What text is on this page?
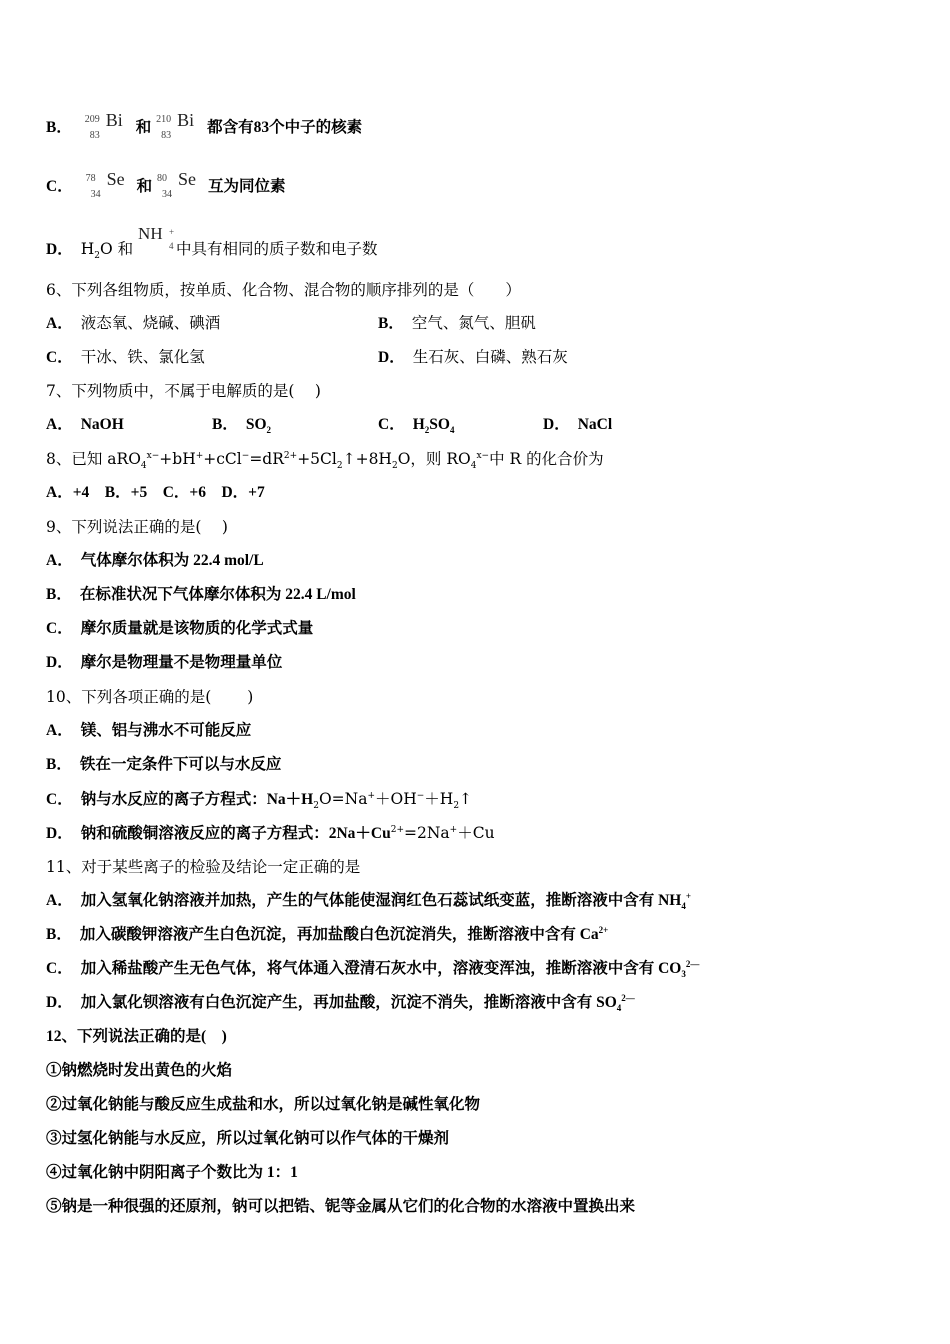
B． 209
83
Bi 和 210
83
Bi 都含有83个中子的核素
C． 78
34
Se 和 80
34
Se 互为同位素
D． $H_2O$ 和
NH +
4 中具有相同的质子数和电子数
6、下列各组物质，按单质、化合物、混合物的顺序排列的是（　　）
A． 液态氧、烧碱、碘酒	B． 空气、氮气、胆矾
C． 干冰、铁、氯化氢	D． 生石灰、白磷、熟石灰
7、下列物质中，不属于电解质的是(　 )
A． NaOH	B． $SO_2$	C． $H_2SO_4$	D． NaCl
8、已知 $aRO_4^{x-}+bH^++cCl^-=dR^{2+}+5Cl_2↑+8H_2O$，则 $RO_4^{x-}$中 R 的化合价为
A．+4　B．+5　C．+6　D．+7
9、下列说法正确的是(　 )
A． 气体摩尔体积为 22.4 mol/L
B． 在标准状况下气体摩尔体积为 22.4 L/mol
C． 摩尔质量就是该物质的化学式式量
D． 摩尔是物理量不是物理量单位
10、下列各项正确的是(　　 )
A． 镁、铝与沸水不可能反应
B． 铁在一定条件下可以与水反应
C． 钠与水反应的离子方程式：$Na+H_2O=Na^++OH^-+H_2↑$
D． 钠和硫酸铜溶液反应的离子方程式：$2Na+Cu^{2+}=2Na^++Cu$
11、对于某些离子的检验及结论一定正确的是
A． 加入氢氧化钠溶液并加热，产生的气体能使湿润红色石蕊试纸变蓝，推断溶液中含有 $NH_4^+$
B． 加入碳酸钾溶液产生白色沉淀，再加盐酸白色沉淀消失，推断溶液中含有 $Ca^{2+}$
C． 加入稀盐酸产生无色气体，将气体通入澄清石灰水中，溶液变浑浊，推断溶液中含有 $CO_3^{2—}$
D． 加入氯化钡溶液有白色沉淀产生，再加盐酸，沉淀不消失，推断溶液中含有 $SO_4^{2—}$
12、下列说法正确的是(　)
①钠燃烧时发出黄色的火焰
②过氧化钠能与酸反应生成盐和水，所以过氧化钠是碱性氧化物
③过氢化钠能与水反应，所以过氧化钠可以作气体的干燥剂
④过氧化钠中阴阳离子个数比为 1：1
⑤钠是一种很强的还原剂，钠可以把锆、铌等金属从它们的化合物的水溶液中置换出来
